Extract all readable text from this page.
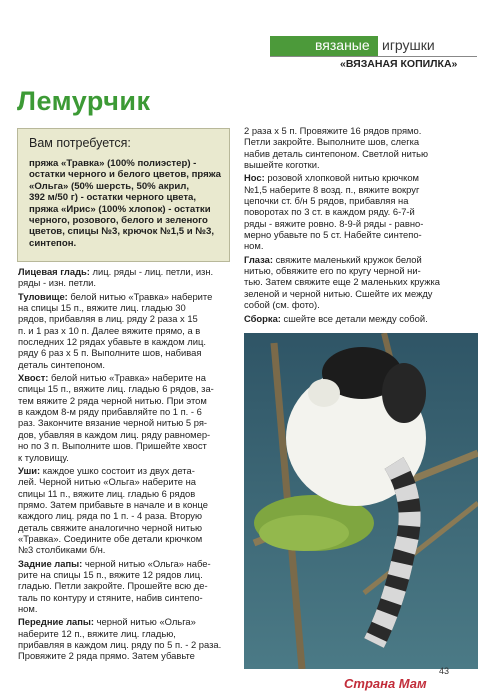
вязаные игрушки
«ВЯЗАНАЯ КОПИЛКА»
Лемурчик
Вам потребуется:
пряжа «Травка» (100% полиэстер) -
остатки черного и белого цветов, пряжа
«Ольга» (50% шерсть, 50% акрил,
392 м/50 г) - остатки черного цвета,
пряжа «Ирис» (100% хлопок) - остатки
черного, розового, белого и зеленого
цветов, спицы №3, крючок №1,5 и №3,
синтепон.

Лицевая гладь: лиц. ряды - лиц. петли, изн.
ряды - изн. петли.

Туловище: белой нитью «Травка» наберите
на спицы 15 п., вяжите лиц. гладью 30
рядов, прибавляя в лиц. ряду 2 раза х 15
п. и 1 раз х 10 п. Далее вяжите прямо, а в
последних 12 рядах убавьте в каждом лиц.
ряду 6 раз х 5 п. Выполните шов, набивая
деталь синтепоном.

Хвост: белой нитью «Травка» наберите на
спицы 15 п., вяжите лиц. гладью 6 рядов, за-
тем вяжите 2 ряда черной нитью. При этом
в каждом 8-м ряду прибавляйте по 1 п. - 6
раз. Закончите вязание черной нитью 5 ря-
дов, убавляя в каждом лиц. ряду равномер-
но по 3 п. Выполните шов. Пришейте хвост
к туловищу.

Уши: каждое ушко состоит из двух дета-
лей. Черной нитью «Ольга» наберите на
спицы 11 п., вяжите лиц. гладью 6 рядов
прямо. Затем прибавьте в начале и в конце
каждого лиц. ряда по 1 п. - 4 раза. Вторую
деталь свяжите аналогично черной нитью
«Травка». Соедините обе детали крючком
№3 столбиками б/н.

Задние лапы: черной нитью «Ольга» набе-
рите на спицы 15 п., вяжите 12 рядов лиц.
гладью. Петли закройте. Прошейте всю де-
таль по контуру и стяните, набив синтепо-
ном.

Передние лапы: черной нитью «Ольга»
наберите 12 п., вяжите лиц. гладью,
прибавляя в каждом лиц. ряду по 5 п. - 2 раза.
Провяжите 2 ряда прямо. Затем убавьте

2 раза х 5 п. Провяжите 16 рядов прямо.
Петли закройте. Выполните шов, слегка
набив деталь синтепоном. Светлой нитью
вышейте коготки.

Нос: розовой хлопковой нитью крючком
№1,5 наберите 8 возд. п., вяжите вокруг
цепочки ст. б/н 5 рядов, прибавляя на
поворотах по 3 ст. в каждом ряду. 6-7-й
ряды - вяжите ровно. 8-9-й ряды - равно-
мерно убавьте по 5 ст. Набейте синтепо-
ном.

Глаза: свяжите маленький кружок белой
нитью, обвяжите его по кругу черной ни-
тью. Затем свяжите еще 2 маленьких кружка
зеленой и черной нитью. Сшейте их между
собой (см. фото).

Сборка: сшейте все детали между собой.

43
Страна Мам
